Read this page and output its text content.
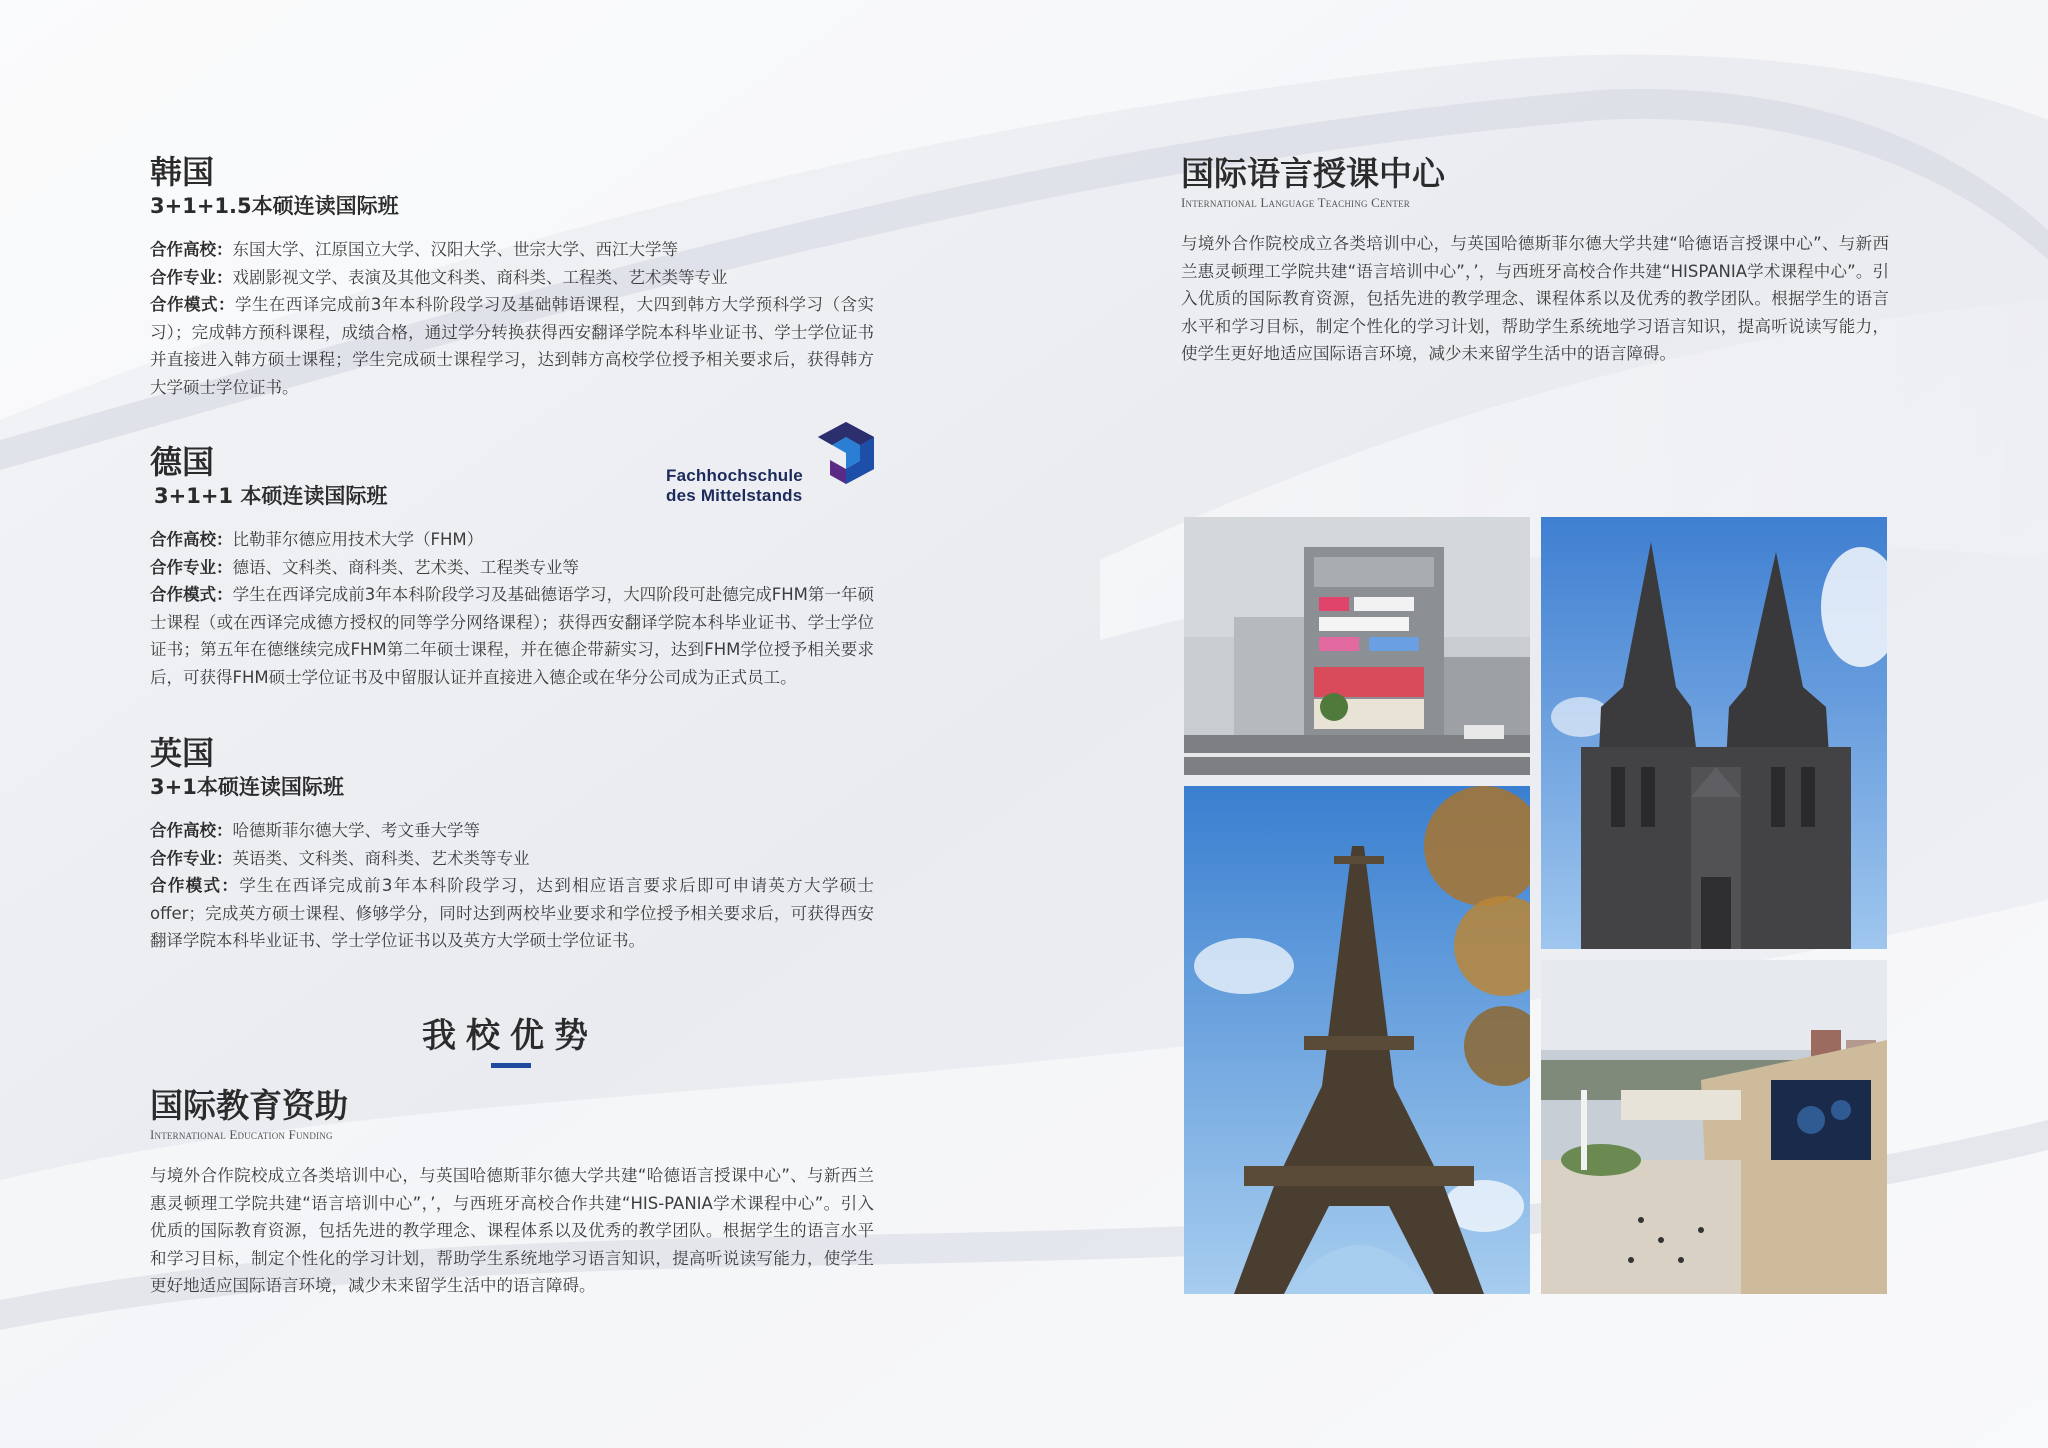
韩国
3+1+1.5本硕连读国际班
合作高校：东国大学、江原国立大学、汉阳大学、世宗大学、西江大学等
合作专业：戏剧影视文学、表演及其他文科类、商科类、工程类、艺术类等专业
合作模式：学生在西译完成前3年本科阶段学习及基础韩语课程，大四到韩方大学预科学习（含实习）；完成韩方预科课程，成绩合格，通过学分转换获得西安翻译学院本科毕业证书、学士学位证书并直接进入韩方硕士课程；学生完成硕士课程学习，达到韩方高校学位授予相关要求后，获得韩方大学硕士学位证书。
德国
3+1+1 本硕连读国际班
合作高校：比勒菲尔德应用技术大学（FHM）
合作专业：德语、文科类、商科类、艺术类、工程类专业等
合作模式：学生在西译完成前3年本科阶段学习及基础德语学习，大四阶段可赴德完成FHM第一年硕士课程（或在西译完成德方授权的同等学分网络课程）；获得西安翻译学院本科毕业证书、学士学位证书；第五年在德继续完成FHM第二年硕士课程，并在德企带薪实习，达到FHM学位授予相关要求后，可获得FHM硕士学位证书及中留服认证并直接进入德企或在华分公司成为正式员工。
Fachhochschule
des Mittelstands
英国
3+1本硕连读国际班
合作高校：哈德斯菲尔德大学、考文垂大学等
合作专业：英语类、文科类、商科类、艺术类等专业
合作模式：学生在西译完成前3年本科阶段学习，达到相应语言要求后即可申请英方大学硕士offer；完成英方硕士课程、修够学分，同时达到两校毕业要求和学位授予相关要求后，可获得西安翻译学院本科毕业证书、学士学位证书以及英方大学硕士学位证书。
我校优势
国际教育资助
International Education Funding
与境外合作院校成立各类培训中心，与英国哈德斯菲尔德大学共建“哈德语言授课中心”、与新西兰惠灵顿理工学院共建“语言培训中心”，’，与西班牙高校合作共建“HIS-PANIA学术课程中心”。引入优质的国际教育资源，包括先进的教学理念、课程体系以及优秀的教学团队。根据学生的语言水平和学习目标，制定个性化的学习计划，帮助学生系统地学习语言知识，提高听说读写能力，使学生更好地适应国际语言环境，减少未来留学生活中的语言障碍。
国际语言授课中心
International Language Teaching Center
与境外合作院校成立各类培训中心，与英国哈德斯菲尔德大学共建“哈德语言授课中心”、与新西兰惠灵顿理工学院共建“语言培训中心”，’，与西班牙高校合作共建“HISPANIA学术课程中心”。引入优质的国际教育资源，包括先进的教学理念、课程体系以及优秀的教学团队。根据学生的语言水平和学习目标，制定个性化的学习计划，帮助学生系统地学习语言知识，提高听说读写能力，使学生更好地适应国际语言环境，减少未来留学生活中的语言障碍。
